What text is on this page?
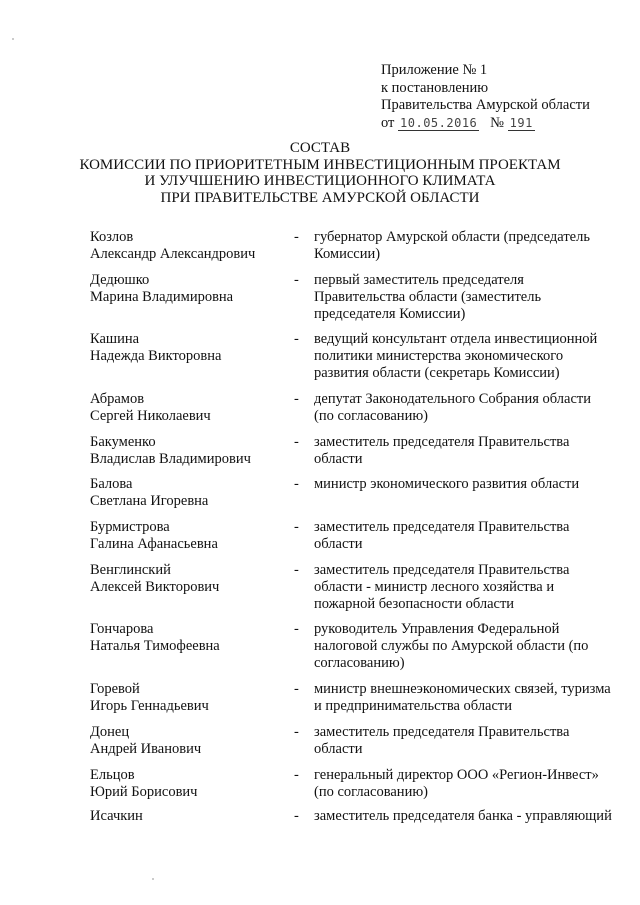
Приложение № 1
к постановлению
Правительства Амурской области
от 10.05.2016 № 191
СОСТАВ
КОМИССИИ ПО ПРИОРИТЕТНЫМ ИНВЕСТИЦИОННЫМ ПРОЕКТАМ
И УЛУЧШЕНИЮ ИНВЕСТИЦИОННОГО КЛИМАТА
ПРИ ПРАВИТЕЛЬСТВЕ АМУРСКОЙ ОБЛАСТИ
Козлов
Александр Александрович
- губернатор Амурской области (председатель Комиссии)
Дедюшко
Марина Владимировна
- первый заместитель председателя Правительства области (заместитель председателя Комиссии)
Кашина
Надежда Викторовна
- ведущий консультант отдела инвестиционной политики министерства экономического развития области (секретарь Комиссии)
Абрамов
Сергей Николаевич
- депутат Законодательного Собрания области (по согласованию)
Бакуменко
Владислав Владимирович
- заместитель председателя Правительства области
Балова
Светлана Игоревна
- министр экономического развития области
Бурмистрова
Галина Афанасьевна
- заместитель председателя Правительства области
Венглинский
Алексей Викторович
- заместитель председателя Правительства области - министр лесного хозяйства и пожарной безопасности области
Гончарова
Наталья Тимофеевна
- руководитель Управления Федеральной налоговой службы по Амурской области (по согласованию)
Горевой
Игорь Геннадьевич
- министр внешнеэкономических связей, туризма и предпринимательства области
Донец
Андрей Иванович
- заместитель председателя Правительства области
Ельцов
Юрий Борисович
- генеральный директор ООО «Регион-Инвест» (по согласованию)
Исачкин	- заместитель председателя банка - управляющий
